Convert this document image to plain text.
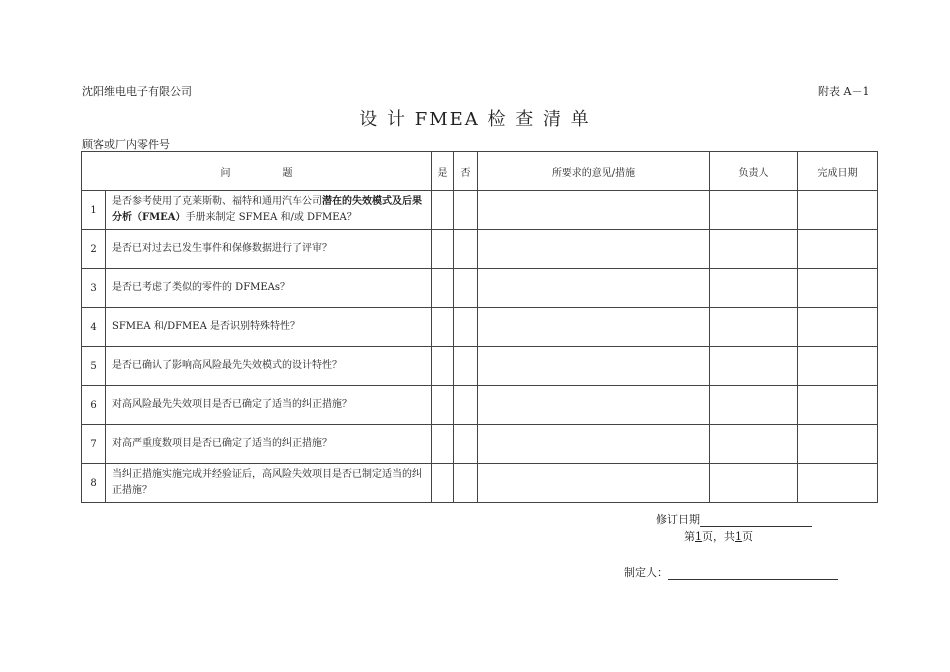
沈阳维电电子有限公司	附表 A－1
设 计 FMEA 检 查 清 单
顾客或厂内零件号
问 题		是	否	所要求的意见/措施	负责人	完成日期
1	是否参考使用了克莱斯勒、福特和通用汽车公司潜在的失效模式及后果分析（FMEA）手册来制定 SFMEA 和/或 DFMEA？					
2	是否已对过去已发生事件和保修数据进行了评审？					
3	是否已考虑了类似的零件的 DFMEAs？					
4	SFMEA 和/DFMEA 是否识别特殊特性？					
5	是否已确认了影响高风险最先失效模式的设计特性？					
6	对高风险最先失效项目是否已确定了适当的纠正措施？					
7	对高严重度数项目是否已确定了适当的纠正措施？					
8	当纠正措施实施完成并经验证后，高风险失效项目是否已制定适当的纠正措施？					
修订日期
第1页，共1页
制定人：
